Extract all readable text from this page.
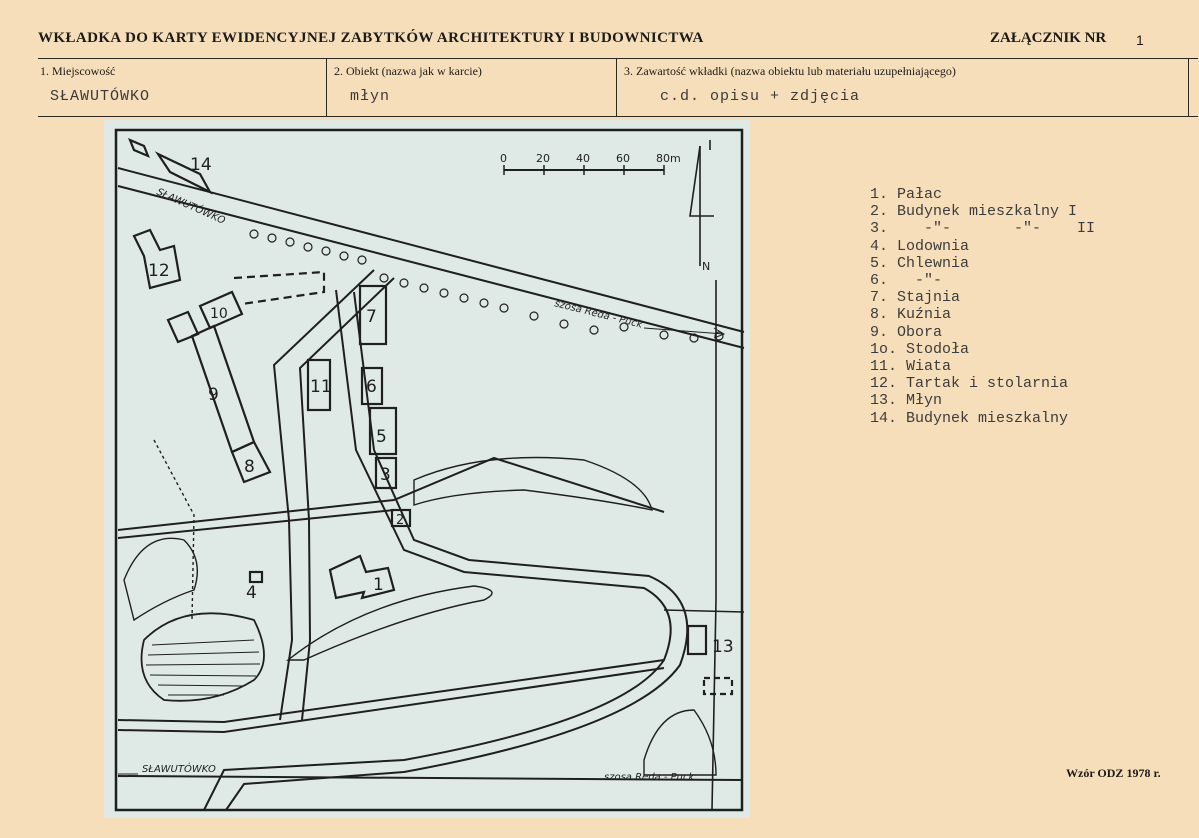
WKŁADKA DO KARTY EWIDENCYJNEJ ZABYTKÓW ARCHITEKTURY I BUDOWNICTWA	ZAŁĄCZNIK NR 1
1. Miejscowość
SŁAWUTÓWKO
2. Obiekt (nazwa jak w karcie)
młyn
3. Zawartość wkładki (nazwa obiektu lub materiału uzupełniającego)
c.d. opisu + zdjęcia
1
2
3
4
5
6
7
8
9
10
11
12
13
14	0	20 40 60 80m
N
SŁAWUTÓWKO
szosa Reda - Puck
SŁAWUTÓWKO
szosa Reda - Puck
1. Pałac
2. Budynek mieszkalny I
3.    -"-       -"-    II
4. Lodownia
5. Chlewnia
6.   -"-
7. Stajnia
8. Kuźnia
9. Obora
1o. Stodoła
11. Wiata
12. Tartak i stolarnia
13. Młyn
14. Budynek mieszkalny
Wzór ODZ 1978 r.
